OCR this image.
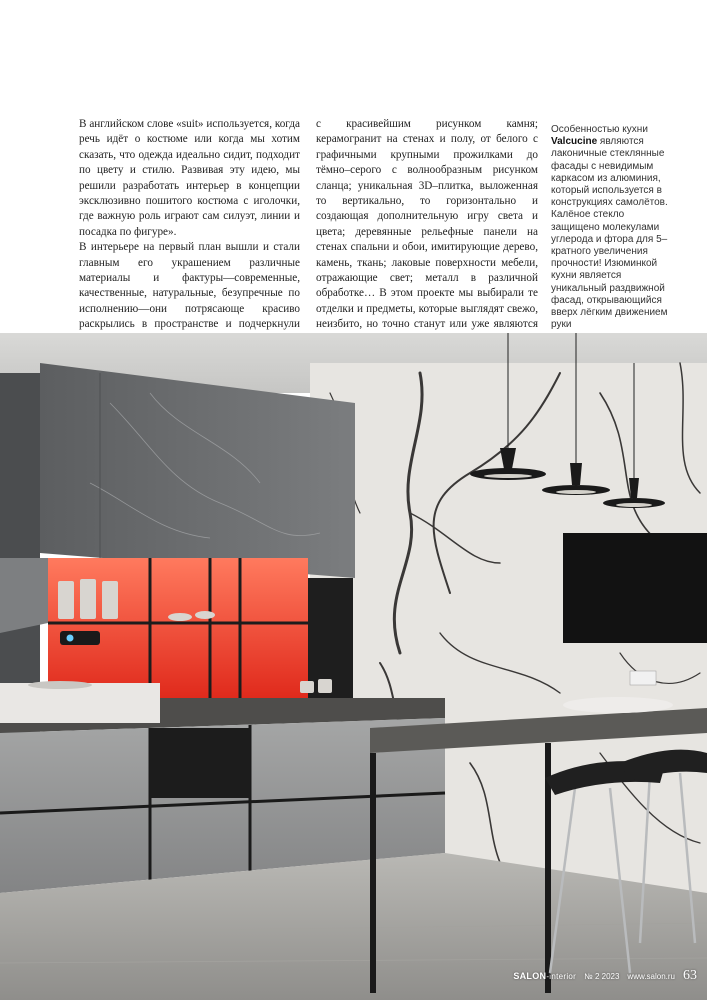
В английском слове «suit» используется, когда речь идёт о костюме или когда мы хотим сказать, что одежда идеально сидит, подходит по цвету и стилю. Развивая эту идею, мы решили разработать интерьер в концепции эксклюзивно пошитого костюма с иголочки, где важную роль играют сам силуэт, линии и посадка по фигуре».

В интерьере на первый план вышли и стали главным его украшением различные материалы и фактуры—современные, качественные, натуральные, безупречные по исполнению—они потрясающе красиво раскрылись в пространстве и подчеркнули

с красивейшим рисунком камня; керамогранит на стенах и полу, от белого с графичными крупными прожилками до тёмно–серого с волнообразным рисунком сланца; уникальная 3D–плитка, выложенная то вертикально, то горизонтально и создающая дополнительную игру света и цвета; деревянные рельефные панели на стенах спальни и обои, имитирующие дерево, камень, ткань; лаковые поверхности мебели, отражающие свет; металл в различной обработке… В этом проекте мы выбирали те отделки и предметы, которые выглядят свежо, неизбито, но точно станут или уже являются

Особенностью кухни
Valcucine являются лаконичные стеклянные фасады с невидимым каркасом из алюминия, который используется в конструкциях самолётов. Калёное стекло защищено молекулами углерода и фтора для 5–кратного увеличения прочности! Изюминкой кухни является уникальный раздвижной фасад, открывающийся вверх лёгким движением руки
SALON-interior № 2 2023 www.salon.ru 63
